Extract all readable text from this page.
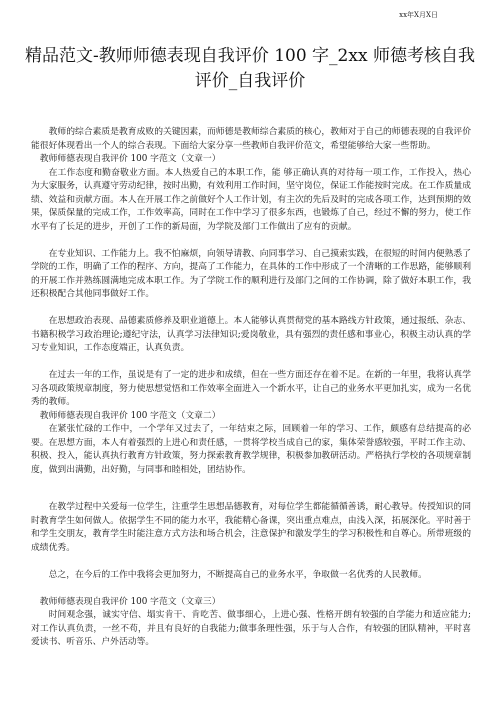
xx年X月X日
精品范文-教师师德表现自我评价 100 字_2xx 师德考核自我评价_自我评价

教师的综合素质是教育成败的关键因素，而师德是教师综合素质的核心，教师对于自己的师德表现的自我评价能很好体现看出一个人的综合表现。下面给大家分享一些教师自我评价范文，希望能够给大家一些帮助。

教师师德表现自我评价 100 字范文（文章一）

在工作态度和勤奋敬业方面。本人热爱自己的本职工作，能 够正确认真的对待每一项工作，工作投入，热心为大家服务，认真遵守劳动纪律，按时出勤，有效利用工作时间，坚守岗位，保证工作能按时完成。在工作质量成绩、效益和贡献方面。本人在开展工作之前做好个人工作计划，有主次的先后及时的完成各项工作，达到预期的效果，保质保量的完成工作，工作效率高，同时在工作中学习了很多东西，也锻炼了自己，经过不懈的努力，使工作水平有了长足的进步，开创了工作的新局面，为学院及部门工作做出了应有的贡献。

在专业知识、工作能力上。我不怕麻烦，向领导请教、向同事学习、自己摸索实践，在很短的时间内便熟悉了学院的工作，明确了工作的程序、方向，提高了工作能力，在具体的工作中形成了一个清晰的工作思路，能够顺利的开展工作并熟练圆满地完成本职工作。为了学院工作的顺利进行及部门之间的工作协调，除了做好本职工作，我还积极配合其他同事做好工作。

在思想政治表现、品德素质修养及职业道德上。本人能够认真贯彻党的基本路线方针政策，通过报纸、杂志、书籍积极学习政治理论;遵纪守法，认真学习法律知识;爱岗敬业，具有强烈的责任感和事业心，积极主动认真的学习专业知识，工作态度端正，认真负责。

在过去一年的工作，虽说是有了一定的进步和成绩，但在一些方面还存在着不足。在新的一年里，我将认真学习各项政策规章制度，努力使思想觉悟和工作效率全面进入一个新水平，让自己的业务水平更加扎实，成为一名优秀的教师。

教师师德表现自我评价 100 字范文（文章二）

在紧张忙碌的工作中，一个学年又过去了，一年结束之际，回顾着一年的学习、工作，颇感有总结提高的必要。在思想方面，本人有着强烈的上进心和责任感，一贯将学校当成自己的家，集体荣誉感较强，平时工作主动、积极、投入，能认真执行教育方针政策，努力探索教育教学规律，积极参加教研活动。严格执行学校的各项规章制度，做到出满勤，出好勤，与同事和睦相处，团结协作。

在教学过程中关爱每一位学生，注重学生思想品德教育，对每位学生都能循循善诱，耐心教导。传授知识的同时教育学生如何做人。依据学生不同的能力水平，我能精心备课，突出重点难点，由浅入深，拓展深化。平时善于和学生交朋友，教育学生时能注意方式方法和场合机会，注意保护和激发学生的学习积极性和自尊心。所带班级的成绩优秀。

总之，在今后的工作中我将会更加努力，不断提高自己的业务水平，争取做一名优秀的人民教师。

教师师德表现自我评价 100 字范文（文章三）

时间观念强，诚实守信、塌实肯干、肯吃苦、做事细心，上进心强、性格开朗有较强的自学能力和适应能力;对工作认真负责，一丝不苟，并且有良好的自我能力;做事条理性强，乐于与人合作，有较强的团队精神，平时喜爱读书、听音乐、户外活动等。
